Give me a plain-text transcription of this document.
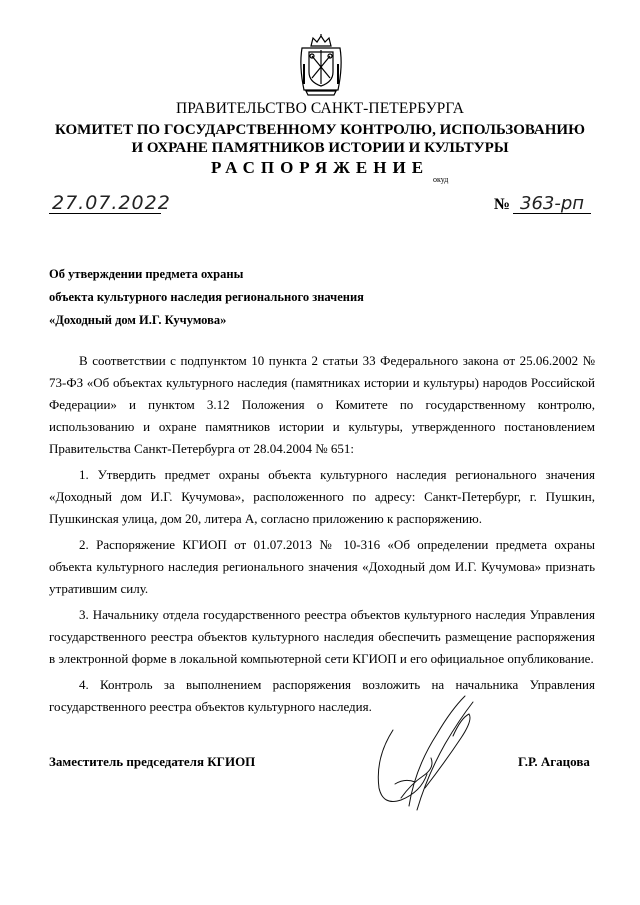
ПРАВИТЕЛЬСТВО САНКТ-ПЕТЕРБУРГА
КОМИТЕТ ПО ГОСУДАРСТВЕННОМУ КОНТРОЛЮ, ИСПОЛЬЗОВАНИЮ
И ОХРАНЕ ПАМЯТНИКОВ ИСТОРИИ И КУЛЬТУРЫ
РАСПОРЯЖЕНИЕ
окуд
27.07.2022	№ 363-рп
Об утверждении предмета охраны
объекта культурного наследия регионального значения
«Доходный дом И.Г. Кучумова»

В соответствии с подпунктом 10 пункта 2 статьи 33 Федерального закона от 25.06.2002 № 73-ФЗ «Об объектах культурного наследия (памятниках истории и культуры) народов Российской Федерации» и пунктом 3.12 Положения о Комитете по государственному контролю, использованию и охране памятников истории и культуры, утвержденного постановлением Правительства Санкт-Петербурга от 28.04.2004 № 651:

1. Утвердить предмет охраны объекта культурного наследия регионального значения «Доходный дом И.Г. Кучумова», расположенного по адресу: Санкт-Петербург, г. Пушкин, Пушкинская улица, дом 20, литера А, согласно приложению к распоряжению.

2. Распоряжение КГИОП от 01.07.2013 № 10-316 «Об определении предмета охраны объекта культурного наследия регионального значения «Доходный дом И.Г. Кучумова» признать утратившим силу.

3. Начальнику отдела государственного реестра объектов культурного наследия Управления государственного реестра объектов культурного наследия обеспечить размещение распоряжения в электронной форме в локальной компьютерной сети КГИОП и его официальное опубликование.

4. Контроль за выполнением распоряжения возложить на начальника Управления государственного реестра объектов культурного наследия.

Заместитель председателя КГИОП	Г.Р. Агацова
